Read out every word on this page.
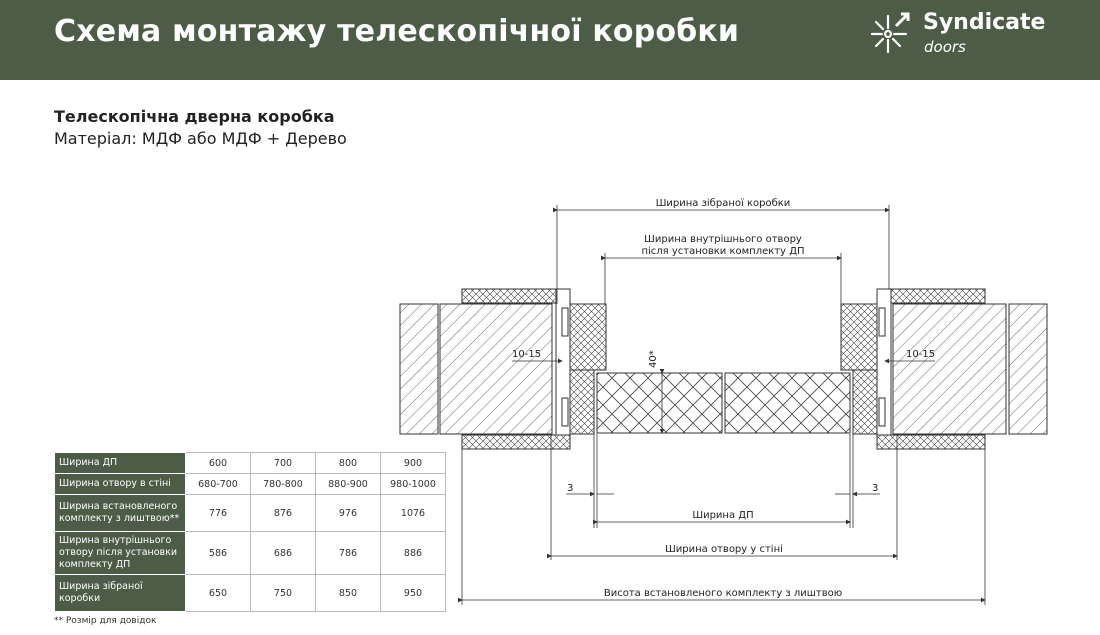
Схема монтажу телескопічної коробки	Syndicate
doors
Телескопічна дверна коробка
Матеріал: МДФ або МДФ + Дерево
Ширина зібраної коробки
Ширина внутрішнього отвору
після установки комплекту ДП
10-15	10-15
40*
3	3
Ширина ДП
Ширина отвору у стіні
Висота встановленого комплекту з лиштвою
Ширина ДП	600	700	800	900
Ширина отвору в стіні	680-700	780-800	880-900	980-1000
Ширина встановленого комплекту з лиштвою**	776	876	976	1076
Ширина внутрішнього отвору після установки комплекту ДП	586	686	786	886
Ширина зібраної коробки	650	750	850	950
** Розмір для довідок
